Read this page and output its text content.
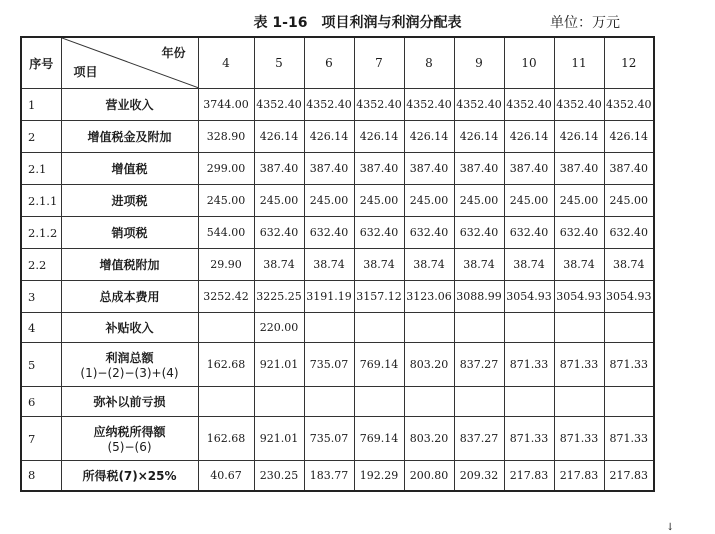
表 1-16 项目利润与利润分配表	单位：万元
序号	年份
项目	4	5	6	7	8	9	10	11	12
1	营业收入	3744.00	4352.40	4352.40	4352.40	4352.40	4352.40	4352.40	4352.40	4352.40
2	增值税金及附加	328.90	426.14	426.14	426.14	426.14	426.14	426.14	426.14	426.14
2.1	增值税	299.00	387.40	387.40	387.40	387.40	387.40	387.40	387.40	387.40
2.1.1	进项税	245.00	245.00	245.00	245.00	245.00	245.00	245.00	245.00	245.00
2.1.2	销项税	544.00	632.40	632.40	632.40	632.40	632.40	632.40	632.40	632.40
2.2	增值税附加	29.90	38.74	38.74	38.74	38.74	38.74	38.74	38.74	38.74
3	总成本费用	3252.42	3225.25	3191.19	3157.12	3123.06	3088.99	3054.93	3054.93	3054.93
4	补贴收入		220.00							
5	利润总额
(1)−(2)−(3)+(4)	162.68	921.01	735.07	769.14	803.20	837.27	871.33	871.33	871.33
6	弥补以前亏损									
7	应纳税所得额
(5)−(6)	162.68	921.01	735.07	769.14	803.20	837.27	871.33	871.33	871.33
8	所得税(7)×25%	40.67	230.25	183.77	192.29	200.80	209.32	217.83	217.83	217.83
↓
